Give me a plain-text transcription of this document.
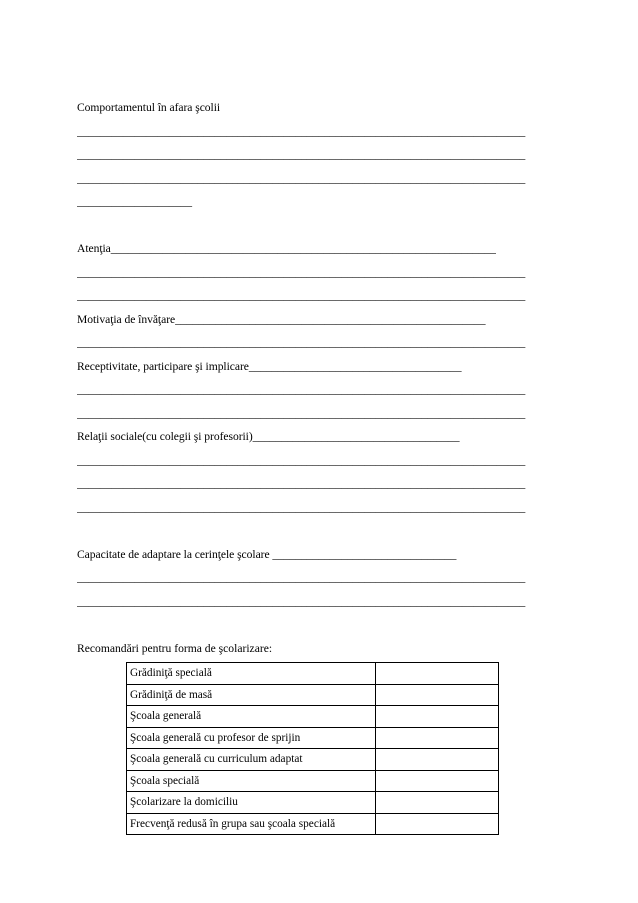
Comportamentul în afara şcolii
______________________________________________________________________________
______________________________________________________________________________
______________________________________________________________________________
____________________
Atenţia___________________________________________________________________
______________________________________________________________________________
______________________________________________________________________________
Motivaţia de învăţare______________________________________________________
______________________________________________________________________________
Receptivitate, participare şi implicare_____________________________________
______________________________________________________________________________
______________________________________________________________________________
Relaţii sociale(cu colegii şi profesorii)____________________________________
______________________________________________________________________________
______________________________________________________________________________
______________________________________________________________________________
Capacitate de adaptare la cerinţele şcolare ________________________________
______________________________________________________________________________
______________________________________________________________________________
Recomandări pentru forma de şcolarizare:
Grădiniţă specială	
Grădiniţă de masă	
Şcoala generală	
Şcoala generală cu profesor de sprijin	
Şcoala generală cu curriculum adaptat	
Şcoala specială	
Şcolarizare la domiciliu	
Frecvenţă redusă în grupa sau şcoala specială	
